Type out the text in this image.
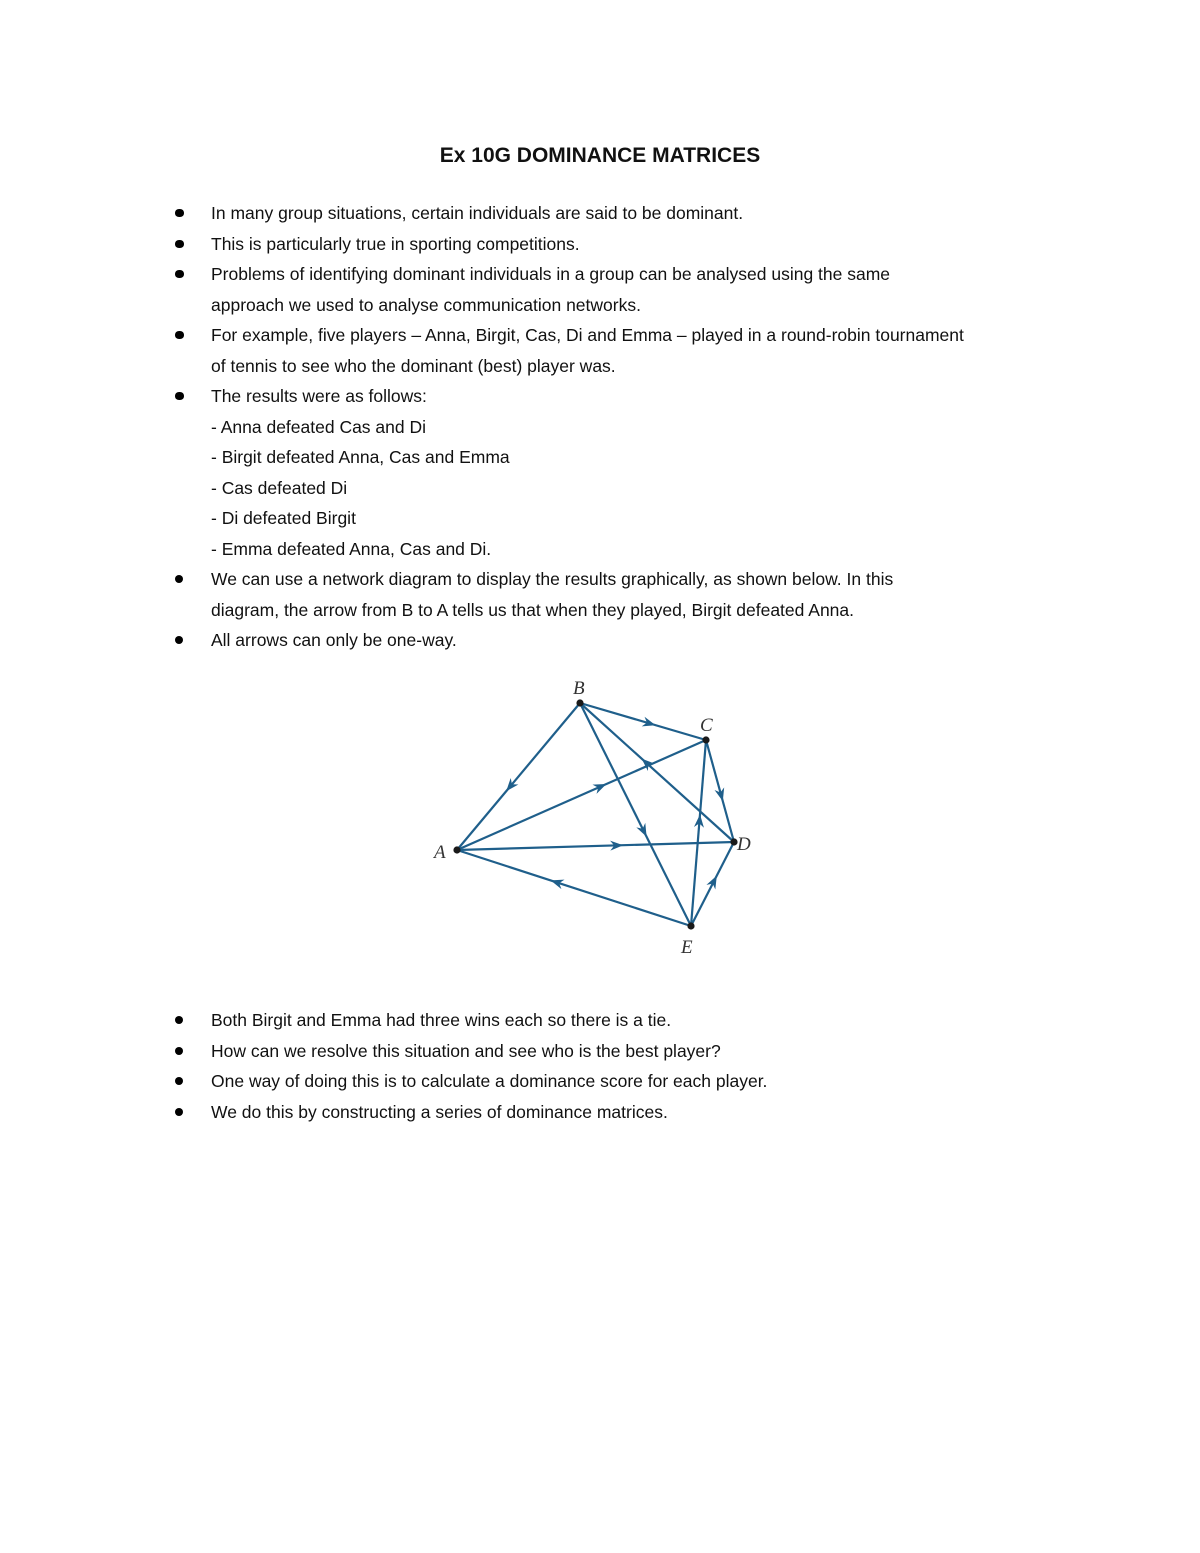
Ex 10G DOMINANCE MATRICES
In many group situations, certain individuals are said to be dominant.
This is particularly true in sporting competitions.
Problems of identifying dominant individuals in a group can be analysed using the same
approach we used to analyse communication networks.
For example, five players – Anna, Birgit, Cas, Di and Emma – played in a round-robin tournament
of tennis to see who the dominant (best) player was.
The results were as follows:
- Anna defeated Cas and Di
- Birgit defeated Anna, Cas and Emma
- Cas defeated Di
- Di defeated Birgit
- Emma defeated Anna, Cas and Di.
We can use a network diagram to display the results graphically, as shown below. In this
diagram, the arrow from B to A tells us that when they played, Birgit defeated Anna.
All arrows can only be one-way.
A
B
C
D
E
Both Birgit and Emma had three wins each so there is a tie.
How can we resolve this situation and see who is the best player?
One way of doing this is to calculate a dominance score for each player.
We do this by constructing a series of dominance matrices.
